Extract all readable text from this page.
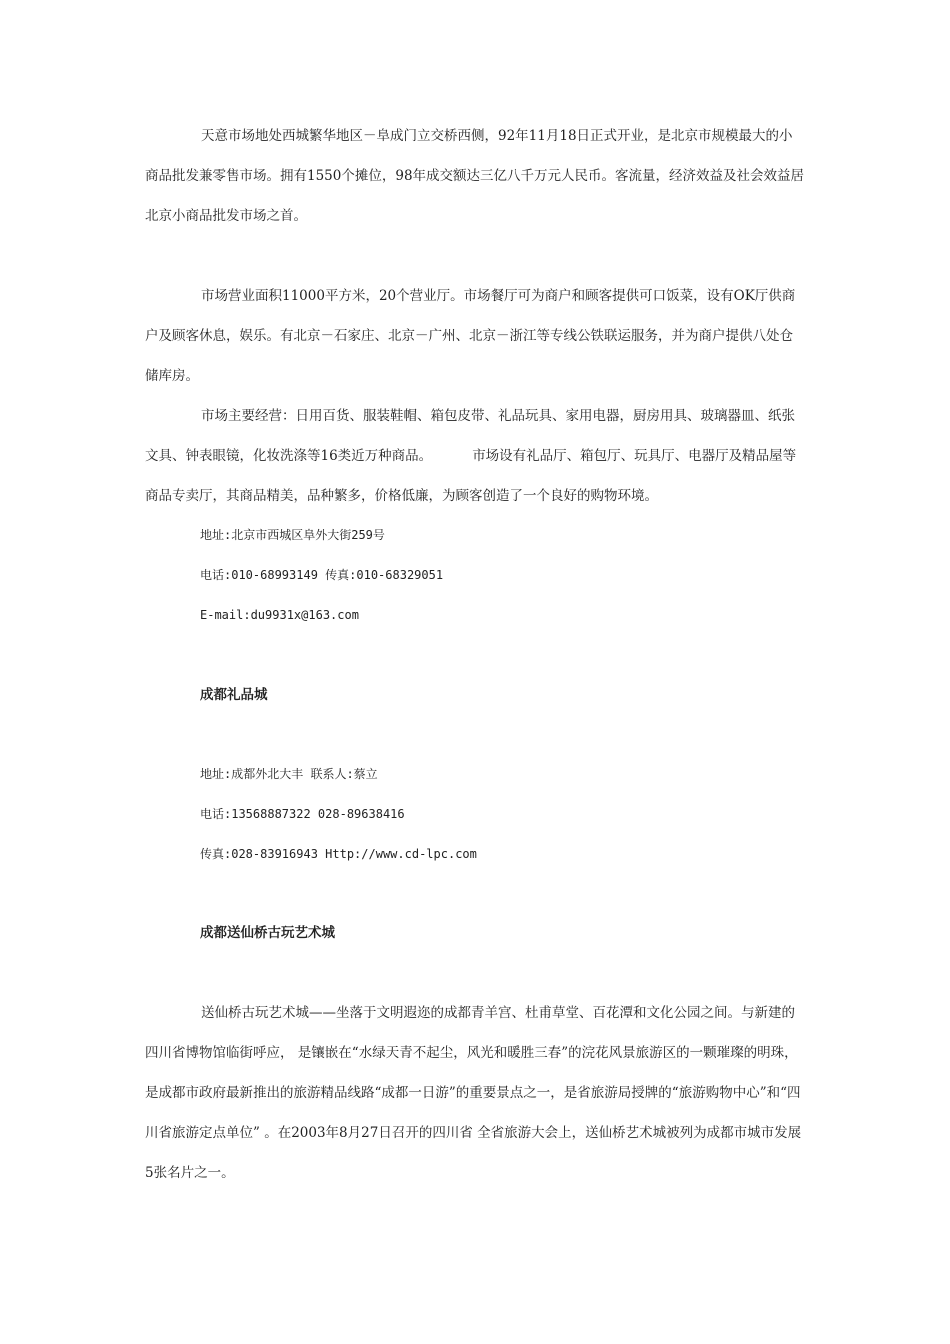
天意市场地处西城繁华地区－阜成门立交桥西侧，92年11月18日正式开业，是北京市规模最大的小商品批发兼零售市场。拥有1550个摊位，98年成交额达三亿八千万元人民币。客流量，经济效益及社会效益居北京小商品批发市场之首。

市场营业面积11000平方米，20个营业厅。市场餐厅可为商户和顾客提供可口饭菜，设有OK厅供商户及顾客休息，娱乐。有北京－石家庄、北京－广州、北京－浙江等专线公铁联运服务，并为商户提供八处仓储库房。

市场主要经营：日用百货、服装鞋帽、箱包皮带、礼品玩具、家用电器，厨房用具、玻璃器皿、纸张文具、钟表眼镜，化妆洗涤等16类近万种商品。	市场设有礼品厅、箱包厅、玩具厅、电器厅及精品屋等商品专卖厅，其商品精美，品种繁多，价格低廉，为顾客创造了一个良好的购物环境。

地址:北京市西城区阜外大街259号
电话:010-68993149 传真:010-68329051
E-mail:du9931x@163.com
成都礼品城
地址:成都外北大丰 联系人:蔡立
电话:13568887322 028-89638416
传真:028-83916943 Http://www.cd-lpc.com
成都送仙桥古玩艺术城

送仙桥古玩艺术城——坐落于文明遐迩的成都青羊宫、杜甫草堂、百花潭和文化公园之间。与新建的四川省博物馆临街呼应， 是镶嵌在“水绿天青不起尘，风光和暖胜三春”的浣花风景旅游区的一颗璀璨的明珠，是成都市政府最新推出的旅游精品线路“成都一日游”的重要景点之一，是省旅游局授牌的“旅游购物中心”和“四川省旅游定点单位” 。在2003年8月27日召开的四川省 全省旅游大会上，送仙桥艺术城被列为成都市城市发展5张名片之一。
